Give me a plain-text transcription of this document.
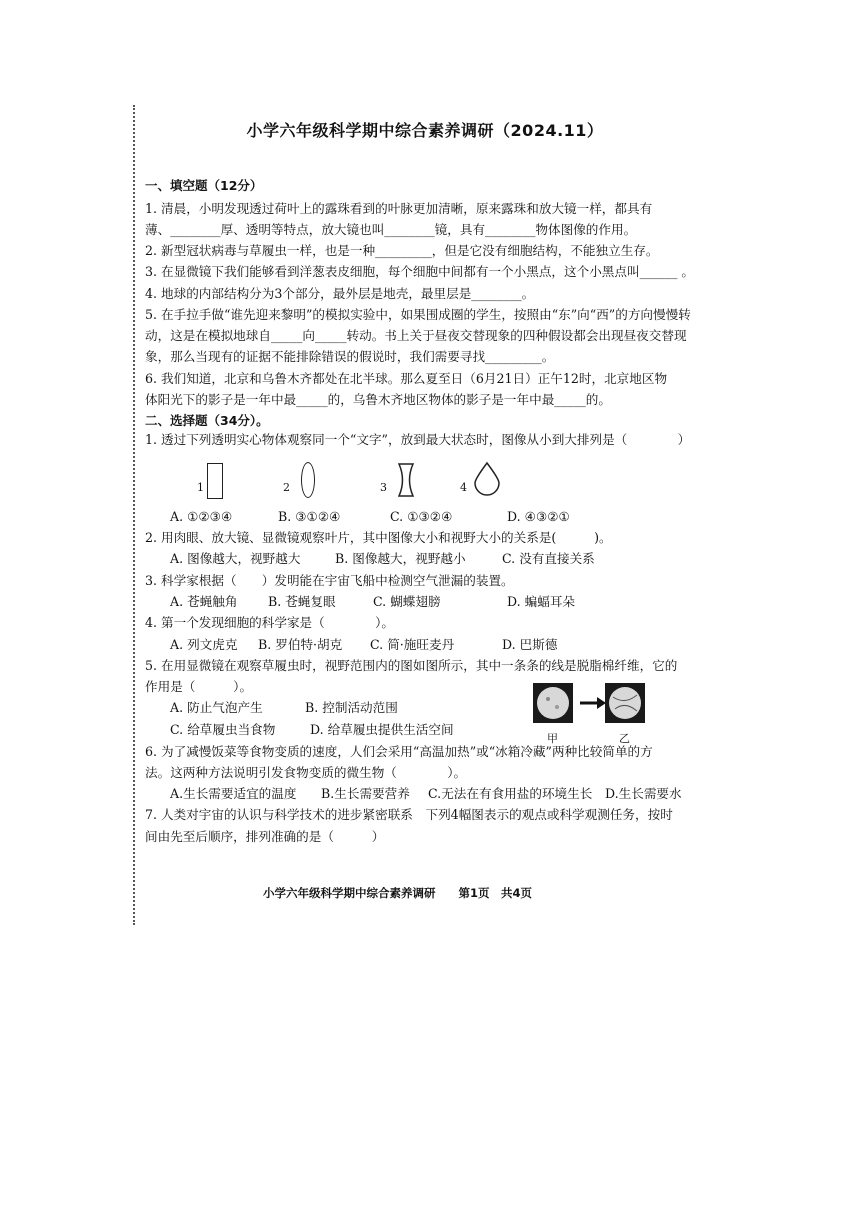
小学六年级科学期中综合素养调研（2024.11）
一、填空题（12分）
1. 清晨，小明发现透过荷叶上的露珠看到的叶脉更加清晰，原来露珠和放大镜一样，都具有
薄、________厚、透明等特点，放大镜也叫________镜，具有________物体图像的作用。
2. 新型冠状病毒与草履虫一样，也是一种_________，但是它没有细胞结构，不能独立生存。
3. 在显微镜下我们能够看到洋葱表皮细胞，每个细胞中间都有一个小黑点，这个小黑点叫______ 。
4. 地球的内部结构分为3个部分，最外层是地壳，最里层是________。
5. 在手拉手做“谁先迎来黎明”的模拟实验中，如果围成圈的学生，按照由“东”向“西”的方向慢慢转
动，这是在模拟地球自_____向_____转动。书上关于昼夜交替现象的四种假设都会出现昼夜交替现
象，那么当现有的证据不能排除错误的假说时，我们需要寻找_________。
6. 我们知道，北京和乌鲁木齐都处在北半球。那么夏至日（6月21日）正午12时，北京地区物
体阳光下的影子是一年中最_____的，乌鲁木齐地区物体的影子是一年中最_____的。
二、选择题（34分）。
1. 透过下列透明实心物体观察同一个“文字”，放到最大状态时，图像从小到大排列是（　　　　）
1	2	3	4
A. ①②③④	B. ③①②④	C. ①③②④	D. ④③②①
2. 用肉眼、放大镜、显微镜观察叶片，其中图像大小和视野大小的关系是(　　　)。
A. 图像越大，视野越大	B. 图像越大，视野越小	C. 没有直接关系
3. 科学家根据（　　）发明能在宇宙飞船中检测空气泄漏的装置。
A. 苍蝇触角 B. 苍蝇复眼	C. 蝴蝶翅膀	D. 蝙蝠耳朵
4. 第一个发现细胞的科学家是（　　　　）。
A. 列文虎克 B. 罗伯特·胡克 C. 简·施旺麦丹	D. 巴斯德
5. 在用显微镜在观察草履虫时，视野范围内的图如图所示，其中一条条的线是脱脂棉纤维，它的
作用是（　　　）。
A. 防止气泡产生	B. 控制活动范围
C. 给草履虫当食物	D. 给草履虫提供生活空间
甲	乙
6. 为了减慢饭菜等食物变质的速度，人们会采用“高温加热”或“冰箱冷藏”两种比较简单的方
法。这两种方法说明引发食物变质的微生物（　　　　）。
A.生长需要适宜的温度 B.生长需要营养 C.无法在有食用盐的环境生长 D.生长需要水
7. 人类对宇宙的认识与科学技术的进步紧密联系　下列4幅图表示的观点或科学观测任务，按时
间由先至后顺序，排列准确的是（　　　）
小学六年级科学期中综合素养调研　　第1页　共4页
